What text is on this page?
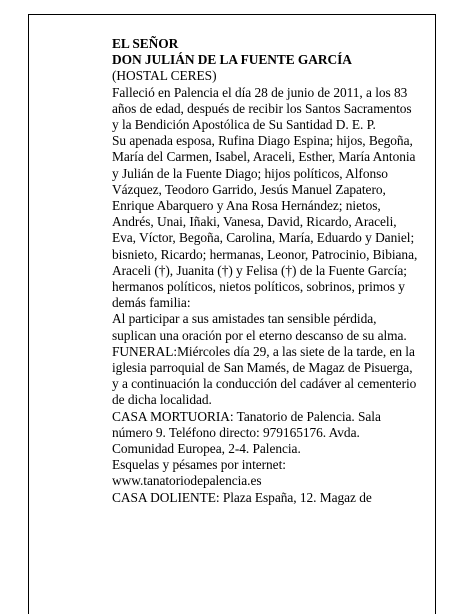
EL SEÑOR

DON JULIÁN DE LA FUENTE GARCÍA

(HOSTAL CERES)

Falleció en Palencia el día 28 de junio de 2011, a los 83 años de edad, después de recibir los Santos Sacramentos y la Bendición Apostólica de Su Santidad D. E. P.

Su apenada esposa, Rufina Diago Espina; hijos, Begoña, María del Carmen, Isabel, Araceli, Esther, María Antonia y Julián de la Fuente Diago; hijos políticos, Alfonso Vázquez, Teodoro Garrido, Jesús Manuel Zapatero, Enrique Abarquero y Ana Rosa Hernández; nietos, Andrés, Unai, Iñaki, Vanesa, David, Ricardo, Araceli, Eva, Víctor, Begoña, Carolina, María, Eduardo y Daniel; bisnieto, Ricardo; hermanas, Leonor, Patrocinio, Bibiana, Araceli (†), Juanita (†) y Felisa (†) de la Fuente García; hermanos políticos, nietos políticos, sobrinos, primos y demás familia:

Al participar a sus amistades tan sensible pérdida, suplican una oración por el eterno descanso de su alma.

FUNERAL:Miércoles día 29, a las siete de la tarde, en la iglesia parroquial de San Mamés, de Magaz de Pisuerga, y a continuación la conducción del cadáver al cementerio de dicha localidad.

CASA MORTUORIA: Tanatorio de Palencia. Sala número 9. Teléfono directo: 979165176. Avda. Comunidad Europea, 2-4. Palencia.

Esquelas y pésames por internet: www.tanatoriodepalencia.es

CASA DOLIENTE: Plaza España, 12. Magaz de
